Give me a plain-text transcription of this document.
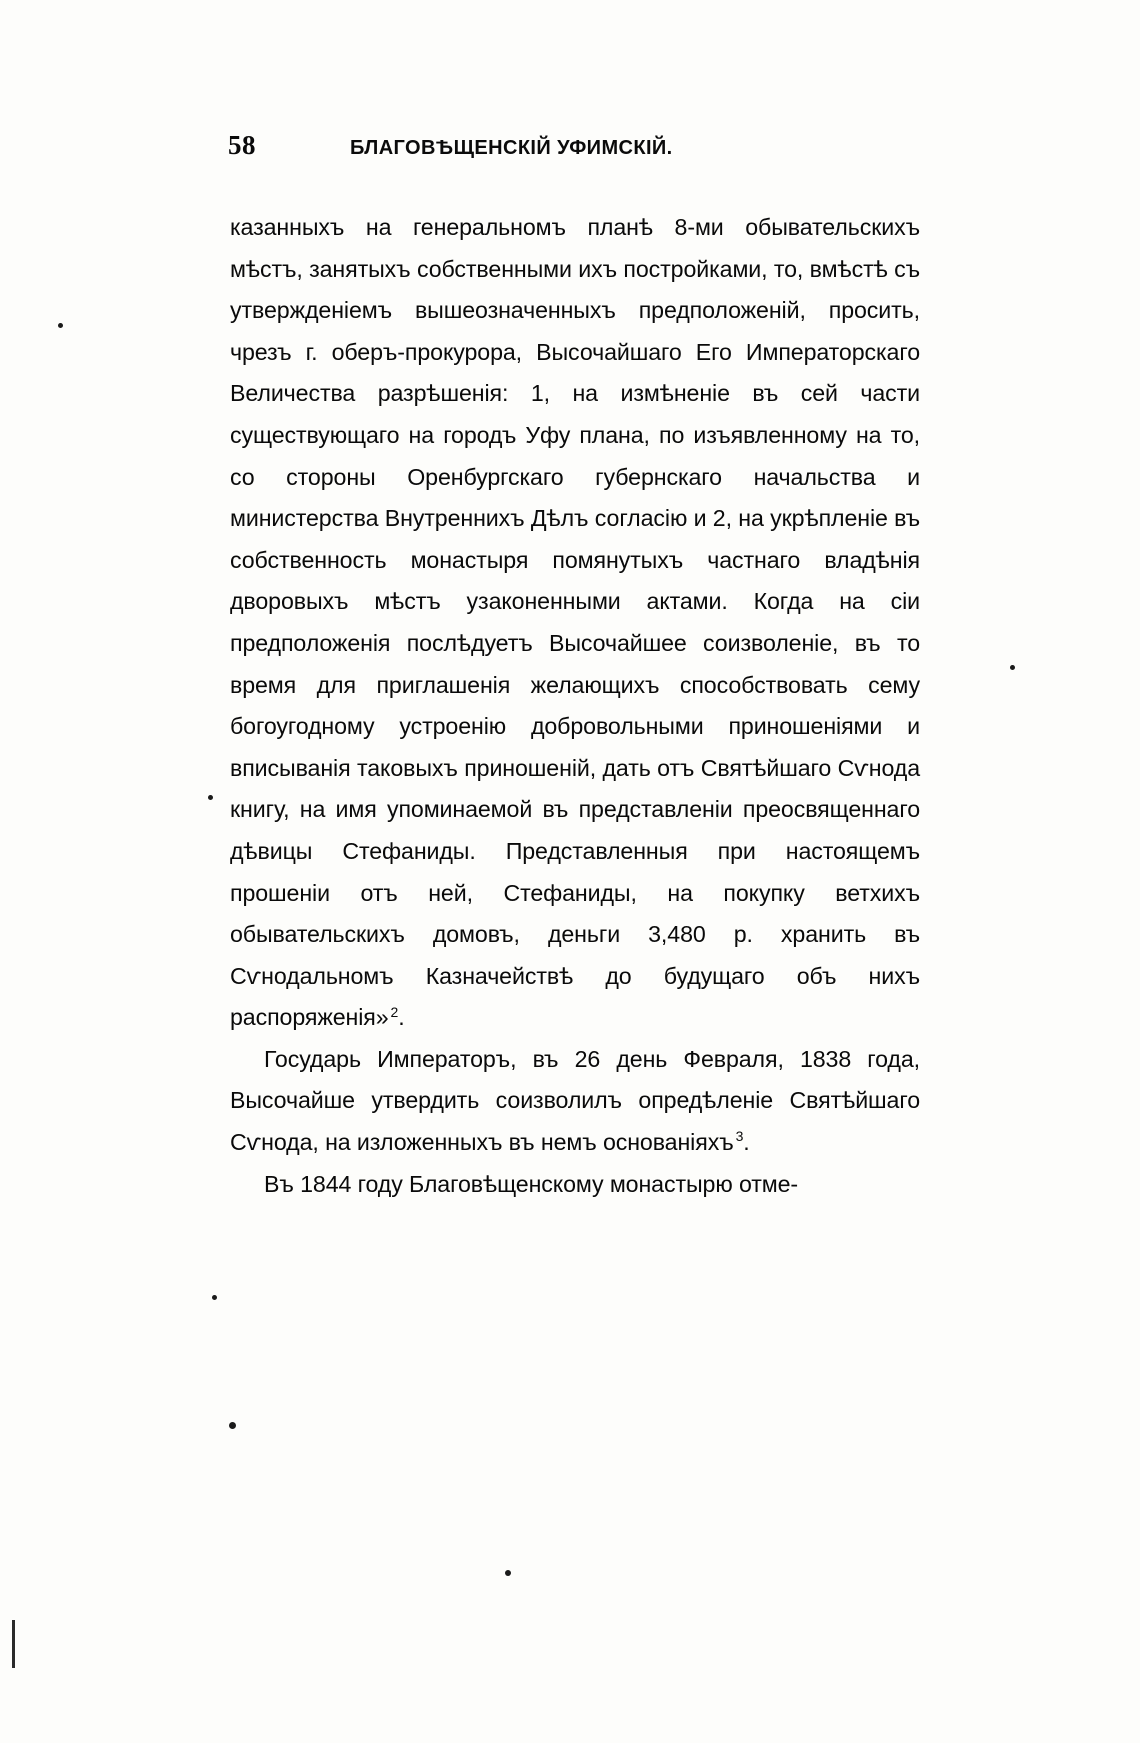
58	БЛАГОВѢЩЕНСКІЙ УФИМСКІЙ.

казанныхъ на генеральномъ планѣ 8-ми обывательскихъ мѣстъ, занятыхъ собственными ихъ постройками, то, вмѣстѣ съ утвержденіемъ вышеозначенныхъ предположеній, просить, чрезъ г. оберъ-прокурора, Высочайшаго Его Императорскаго Величества разрѣшенія: 1, на измѣненіе въ сей части существующаго на городъ Уфу плана, по изъявленному на то, со стороны Оренбургскаго губернскаго начальства и министерства Внутреннихъ Дѣлъ согласію и 2, на укрѣпленіе въ собственность монастыря помянутыхъ частнаго владѣнія дворовыхъ мѣстъ узаконенными актами. Когда на сіи предположенія послѣдуетъ Высочайшее соизволеніе, въ то время для приглашенія желающихъ способствовать сему богоугодному устроенію добровольными приношеніями и вписыванія таковыхъ приношеній, дать отъ Святѣйшаго Сѵнода книгу, на имя упоминаемой въ представленіи преосвященнаго дѣвицы Стефаниды. Представленныя при настоящемъ прошеніи отъ ней, Стефаниды, на покупку ветхихъ обывательскихъ домовъ, деньги 3,480 р. хранить въ Сѵнодальномъ Казначействѣ до будущаго объ нихъ распоряженія» $^2$.

Государь Императоръ, въ 26 день Февраля, 1838 года, Высочайше утвердить соизволилъ опредѣленіе Святѣйшаго Сѵнода, на изложенныхъ въ немъ основаніяхъ $^3$.

Въ 1844 году Благовѣщенскому монастырю отме-
